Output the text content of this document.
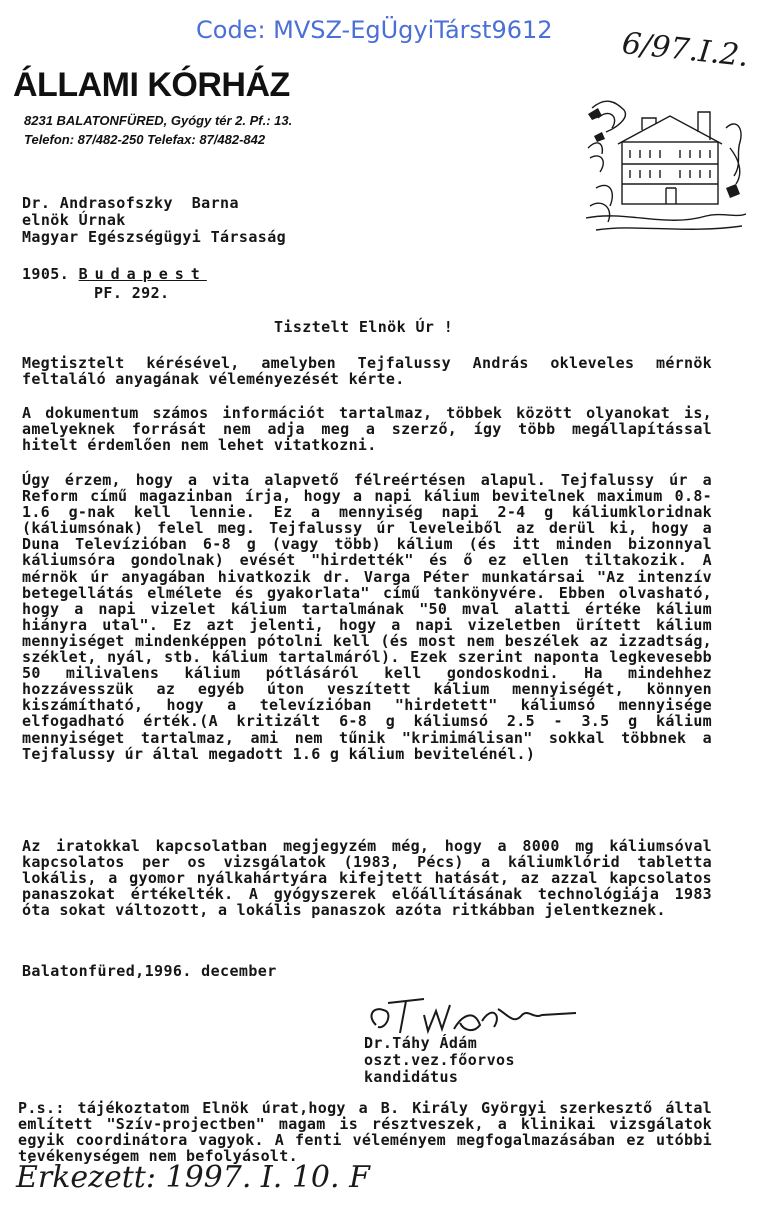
Code: MVSZ-EgÜgyiTárst9612 6/97.I.2.
ÁLLAMI KÓRHÁZ
8231 BALATONFÜRED, Gyógy tér 2. Pf.: 13.
Telefon: 87/482-250 Telefax: 87/482-842
Dr. Andrasofszky  Barna
elnök Úrnak
Magyar Egészségügyi Társaság
1905. Budapest
PF. 292.
Tisztelt Elnök Úr !
Megtisztelt kérésével, amelyben Tejfalussy András okleveles mérnök feltaláló anyagának véleményezését kérte.
A dokumentum számos információt tartalmaz, többek között olyanokat is, amelyeknek forrását nem adja meg a szerző, így több megállapítással hitelt érdemlően nem lehet vitatkozni.
Úgy érzem, hogy a vita alapvető félreértésen alapul. Tejfalussy úr a Reform című magazinban írja, hogy a napi kálium bevitelnek maximum 0.8-1.6 g-nak kell lennie. Ez a mennyiség napi 2-4 g káliumkloridnak (káliumsónak) felel meg. Tejfalussy úr leveleiből az derül ki, hogy a Duna Televízióban 6-8 g (vagy több) kálium (és itt minden bizonnyal káliumsóra gondolnak) evését "hirdették" és ő ez ellen tiltakozik. A mérnök úr anyagában hivatkozik dr. Varga Péter munkatársai "Az intenzív betegellátás elmélete és gyakorlata" című tankönyvére. Ebben olvasható, hogy a napi vizelet kálium tartalmának "50 mval alatti értéke kálium hiányra utal". Ez azt jelenti, hogy a napi vizeletben ürített kálium mennyiséget mindenképpen pótolni kell (és most nem beszélek az izzadtság, széklet, nyál, stb. kálium tartalmáról). Ezek szerint naponta legkevesebb 50 milivalens kálium pótlásáról kell gondoskodni. Ha mindehhez hozzávesszük az egyéb úton veszített kálium mennyiségét, könnyen kiszámítható, hogy a televízióban "hirdetett" káliumsó mennyisége elfogadható érték.(A kritizált 6-8 g káliumsó 2.5 - 3.5 g kálium mennyiséget tartalmaz, ami nem tűnik "krimimálisan" sokkal többnek a Tejfalussy úr által megadott 1.6 g kálium bevitelénél.)
Az iratokkal kapcsolatban megjegyzém még, hogy a 8000 mg káliumsóval kapcsolatos per os vizsgálatok (1983, Pécs) a káliumklórid tabletta lokális, a gyomor nyálkahártyára kifejtett hatását, az azzal kapcsolatos panaszokat értékelték. A gyógyszerek előállításának technológiája 1983 óta sokat változott, a lokális panaszok azóta ritkábban jelentkeznek.
Balatonfüred,1996. december
Dr.Táhy Ádám
oszt.vez.főorvos
kandidátus
P.s.: tájékoztatom Elnök úrat,hogy a B. Király Györgyi szerkesztő által említett "Szív-projectben" magam is résztveszek, a klinikai vizsgálatok egyik coordinátora vagyok. A fenti véleményem megfogalmazásában ez utóbbi tevékenységem nem befolyásolt.
Érkezett: 1997. I. 10. F
